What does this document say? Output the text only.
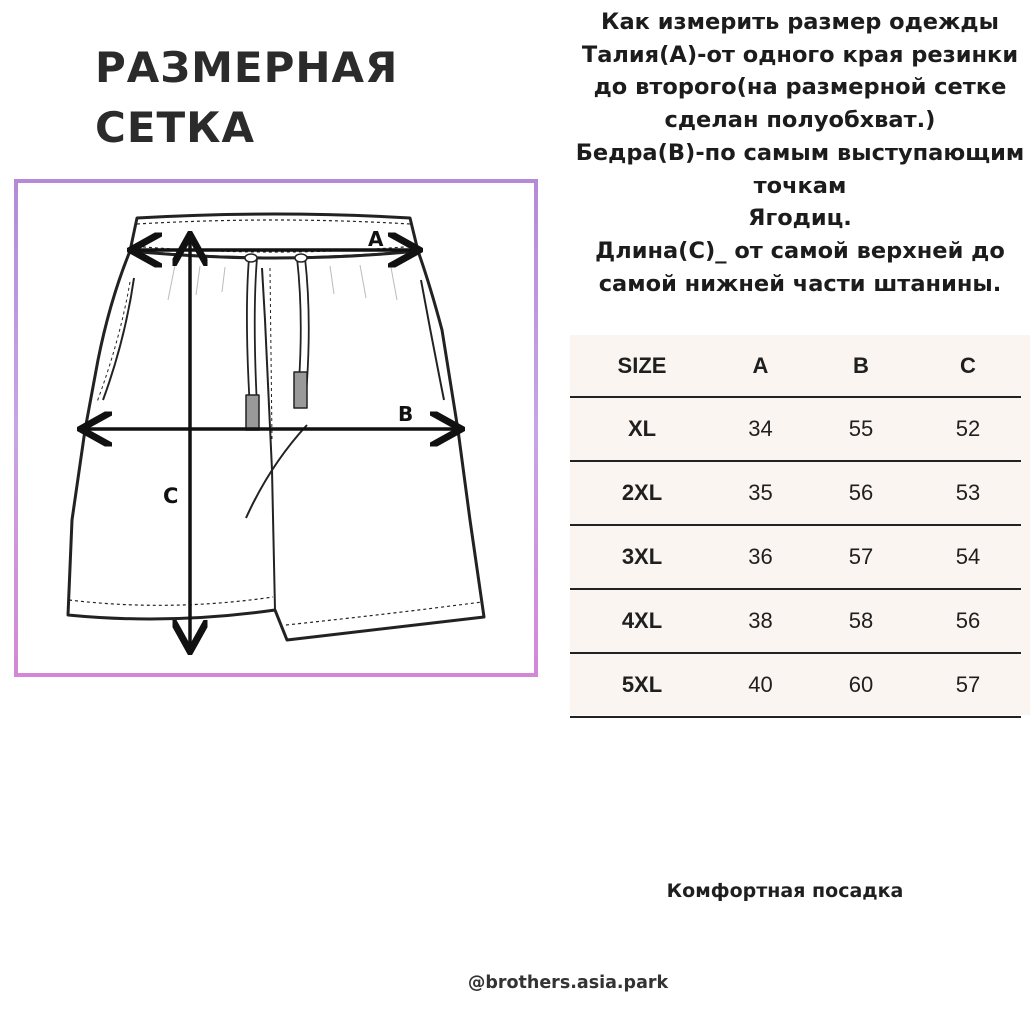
РАЗМЕРНАЯ
СЕТКА
Как измерить размер одежды
Талия(А)-от одного края резинки
до второго(на размерной сетке
сделан полуобхват.)
Бедра(В)-по самым выступающим
точкам
Ягодиц.
Длина(С)_ от самой верхней до
самой нижней части штанины.
A
B
C
SIZE	A	B	C
XL	34	55	52
2XL	35	56	53
3XL	36	57	54
4XL	38	58	56
5XL	40	60	57
Комфортная посадка
@brothers.asia.park
